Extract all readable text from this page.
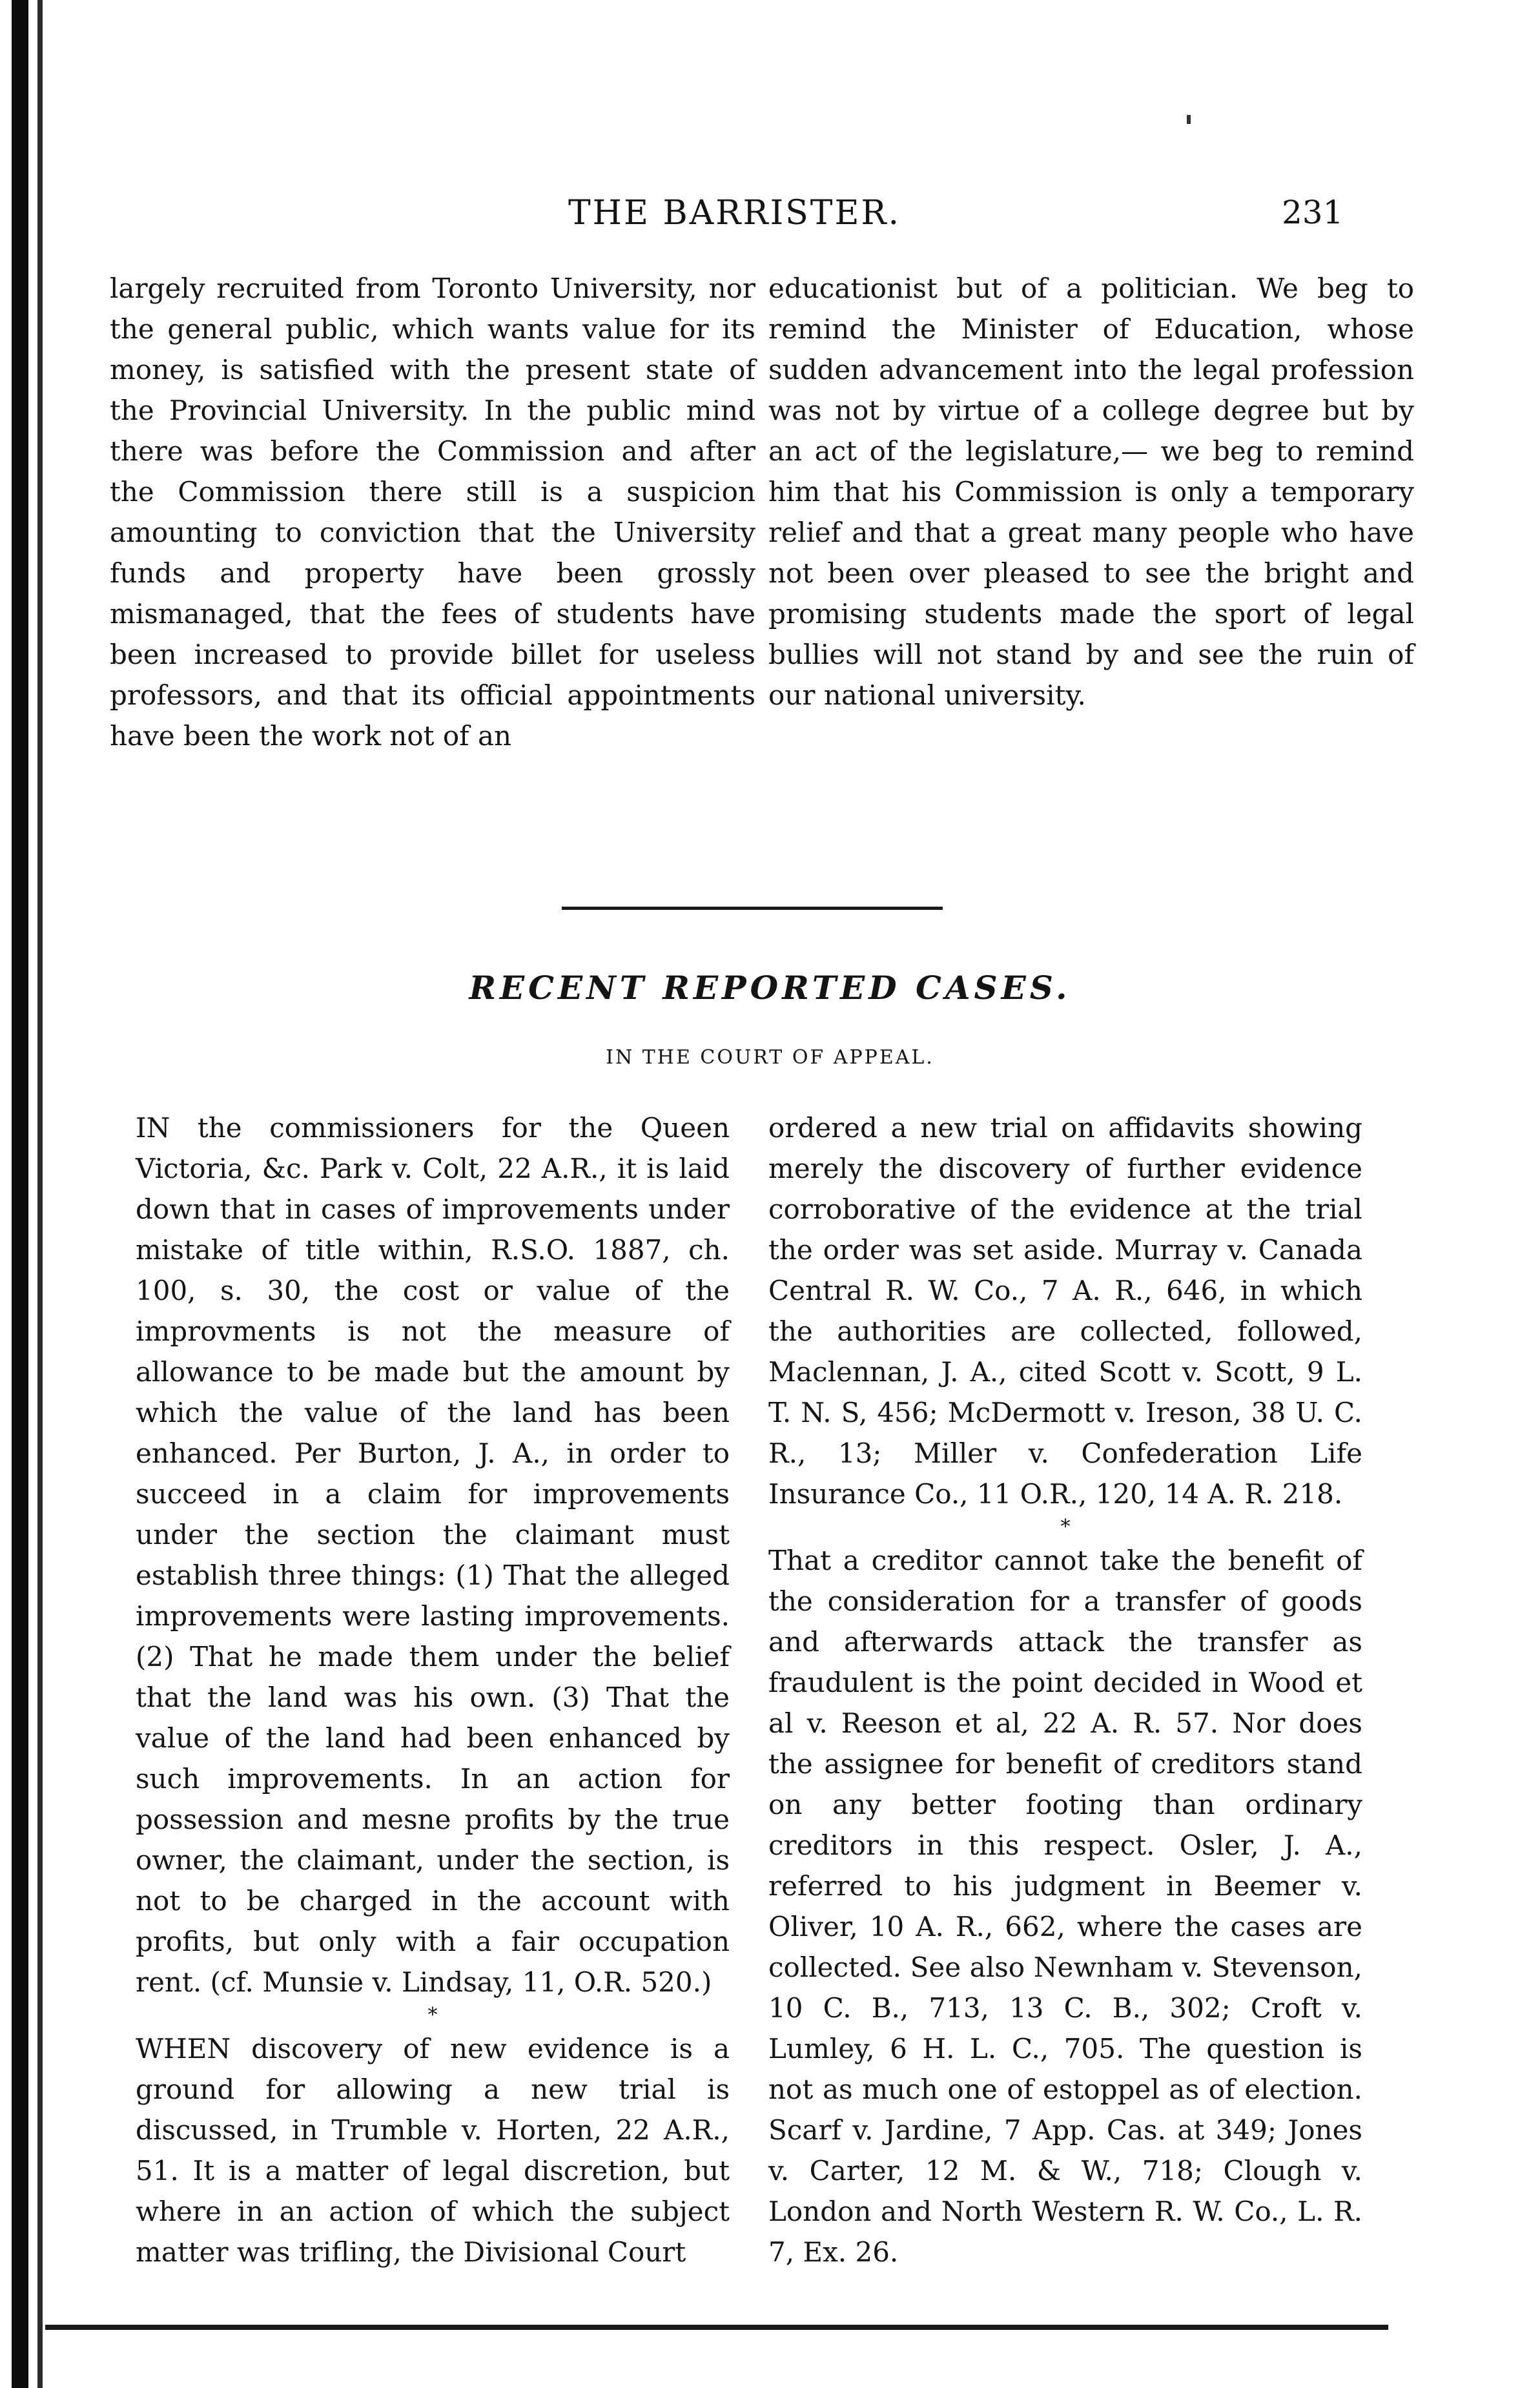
THE BARRISTER.	231

largely recruited from Toronto University, nor the general public, which wants value for its money, is satisfied with the present state of the Provincial University. In the public mind there was before the Commission and after the Commission there still is a suspicion amounting to conviction that the University funds and property have been grossly mismanaged, that the fees of students have been increased to provide billet for useless professors, and that its official appointments have been the work not of an

educationist but of a politician. We beg to remind the Minister of Education, whose sudden advancement into the legal profession was not by virtue of a college degree but by an act of the legislature,— we beg to remind him that his Commission is only a temporary relief and that a great many people who have not been over pleased to see the bright and promising students made the sport of legal bullies will not stand by and see the ruin of our national university.

RECENT REPORTED CASES.
IN THE COURT OF APPEAL.

IN the commissioners for the Queen Victoria, &c. Park v. Colt, 22 A.R., it is laid down that in cases of improvements under mistake of title within, R.S.O. 1887, ch. 100, s. 30, the cost or value of the improvments is not the measure of allowance to be made but the amount by which the value of the land has been enhanced. Per Burton, J. A., in order to succeed in a claim for improvements under the section the claimant must establish three things: (1) That the alleged improvements were lasting improvements. (2) That he made them under the belief that the land was his own. (3) That the value of the land had been enhanced by such improvements. In an action for possession and mesne profits by the true owner, the claimant, under the section, is not to be charged in the account with profits, but only with a fair occupation rent. (cf. Munsie v. Lindsay, 11, O.R. 520.)

*

WHEN discovery of new evidence is a ground for allowing a new trial is discussed, in Trumble v. Horten, 22 A.R., 51. It is a matter of legal discretion, but where in an action of which the subject matter was trifling, the Divisional Court

ordered a new trial on affidavits showing merely the discovery of further evidence corroborative of the evidence at the trial the order was set aside. Murray v. Canada Central R. W. Co., 7 A. R., 646, in which the authorities are collected, followed, Maclennan, J. A., cited Scott v. Scott, 9 L. T. N. S, 456; McDermott v. Ireson, 38 U. C. R., 13; Miller v. Confederation Life Insurance Co., 11 O.R., 120, 14 A. R. 218.

*

That a creditor cannot take the benefit of the consideration for a transfer of goods and afterwards attack the transfer as fraudulent is the point decided in Wood et al v. Reeson et al, 22 A. R. 57. Nor does the assignee for benefit of creditors stand on any better footing than ordinary creditors in this respect. Osler, J. A., referred to his judgment in Beemer v. Oliver, 10 A. R., 662, where the cases are collected. See also Newnham v. Stevenson, 10 C. B., 713, 13 C. B., 302; Croft v. Lumley, 6 H. L. C., 705. The question is not as much one of estoppel as of election. Scarf v. Jardine, 7 App. Cas. at 349; Jones v. Carter, 12 M. & W., 718; Clough v. London and North Western R. W. Co., L. R. 7, Ex. 26.
